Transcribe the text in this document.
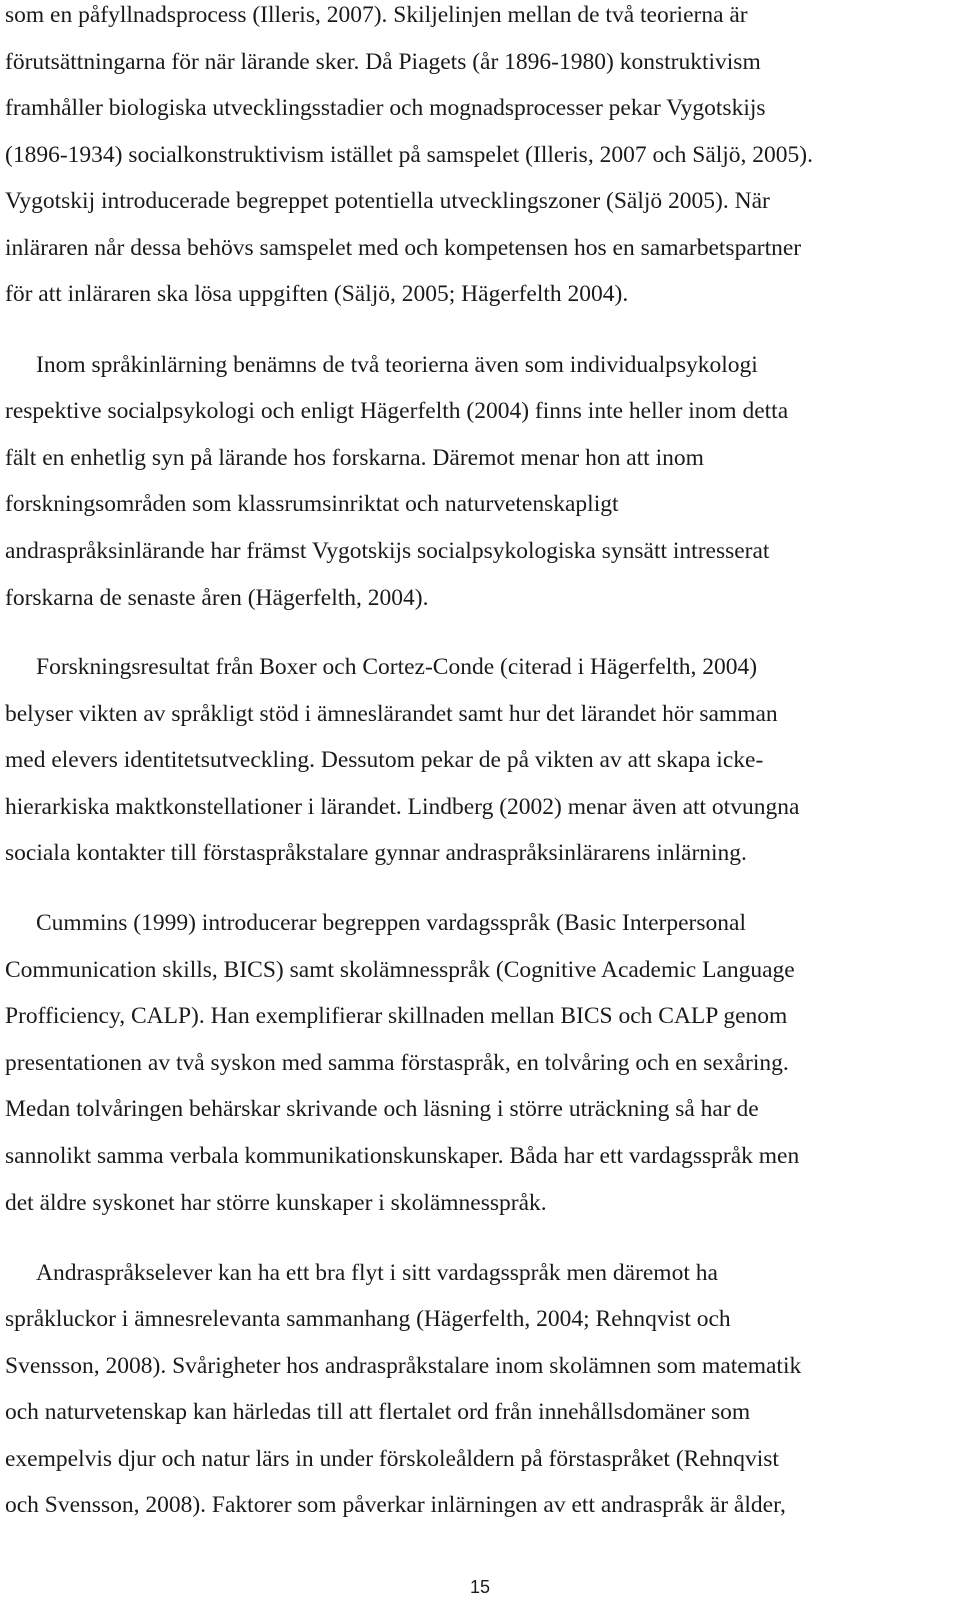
som en påfyllnadsprocess (Illeris, 2007). Skiljelinjen mellan de två teorierna är
förutsättningarna för när lärande sker. Då Piagets (år 1896-1980) konstruktivism
framhåller biologiska utvecklingsstadier och mognadsprocesser pekar Vygotskijs
(1896-1934) socialkonstruktivism istället på samspelet (Illeris, 2007 och Säljö, 2005).
Vygotskij introducerade begreppet potentiella utvecklingszoner (Säljö 2005). När
inläraren når dessa behövs samspelet med och kompetensen hos en samarbetspartner
för att inläraren ska lösa uppgiften (Säljö, 2005; Hägerfelth 2004).
Inom språkinlärning benämns de två teorierna även som individualpsykologi
respektive socialpsykologi och enligt Hägerfelth (2004) finns inte heller inom detta
fält en enhetlig syn på lärande hos forskarna. Däremot menar hon att inom
forskningsområden som klassrumsinriktat och naturvetenskapligt
andraspråksinlärande har främst Vygotskijs socialpsykologiska synsätt intresserat
forskarna de senaste åren (Hägerfelth, 2004).
Forskningsresultat från Boxer och Cortez-Conde (citerad i Hägerfelth, 2004)
belyser vikten av språkligt stöd i ämneslärandet samt hur det lärandet hör samman
med elevers identitetsutveckling. Dessutom pekar de på vikten av att skapa icke-
hierarkiska maktkonstellationer i lärandet. Lindberg (2002) menar även att otvungna
sociala kontakter till förstaspråkstalare gynnar andraspråksinlärarens inlärning.
Cummins (1999) introducerar begreppen vardagsspråk (Basic Interpersonal
Communication skills, BICS) samt skolämnesspråk (Cognitive Academic Language
Profficiency, CALP). Han exemplifierar skillnaden mellan BICS och CALP genom
presentationen av två syskon med samma förstaspråk, en tolvåring och en sexåring.
Medan tolvåringen behärskar skrivande och läsning i större uträckning så har de
sannolikt samma verbala kommunikationskunskaper. Båda har ett vardagsspråk men
det äldre syskonet har större kunskaper i skolämnesspråk.
Andraspråkselever kan ha ett bra flyt i sitt vardagsspråk men däremot ha
språkluckor i ämnesrelevanta sammanhang (Hägerfelth, 2004; Rehnqvist och
Svensson, 2008). Svårigheter hos andraspråkstalare inom skolämnen som matematik
och naturvetenskap kan härledas till att flertalet ord från innehållsdomäner som
exempelvis djur och natur lärs in under förskoleåldern på förstaspråket (Rehnqvist
och Svensson, 2008). Faktorer som påverkar inlärningen av ett andraspråk är ålder,
15
